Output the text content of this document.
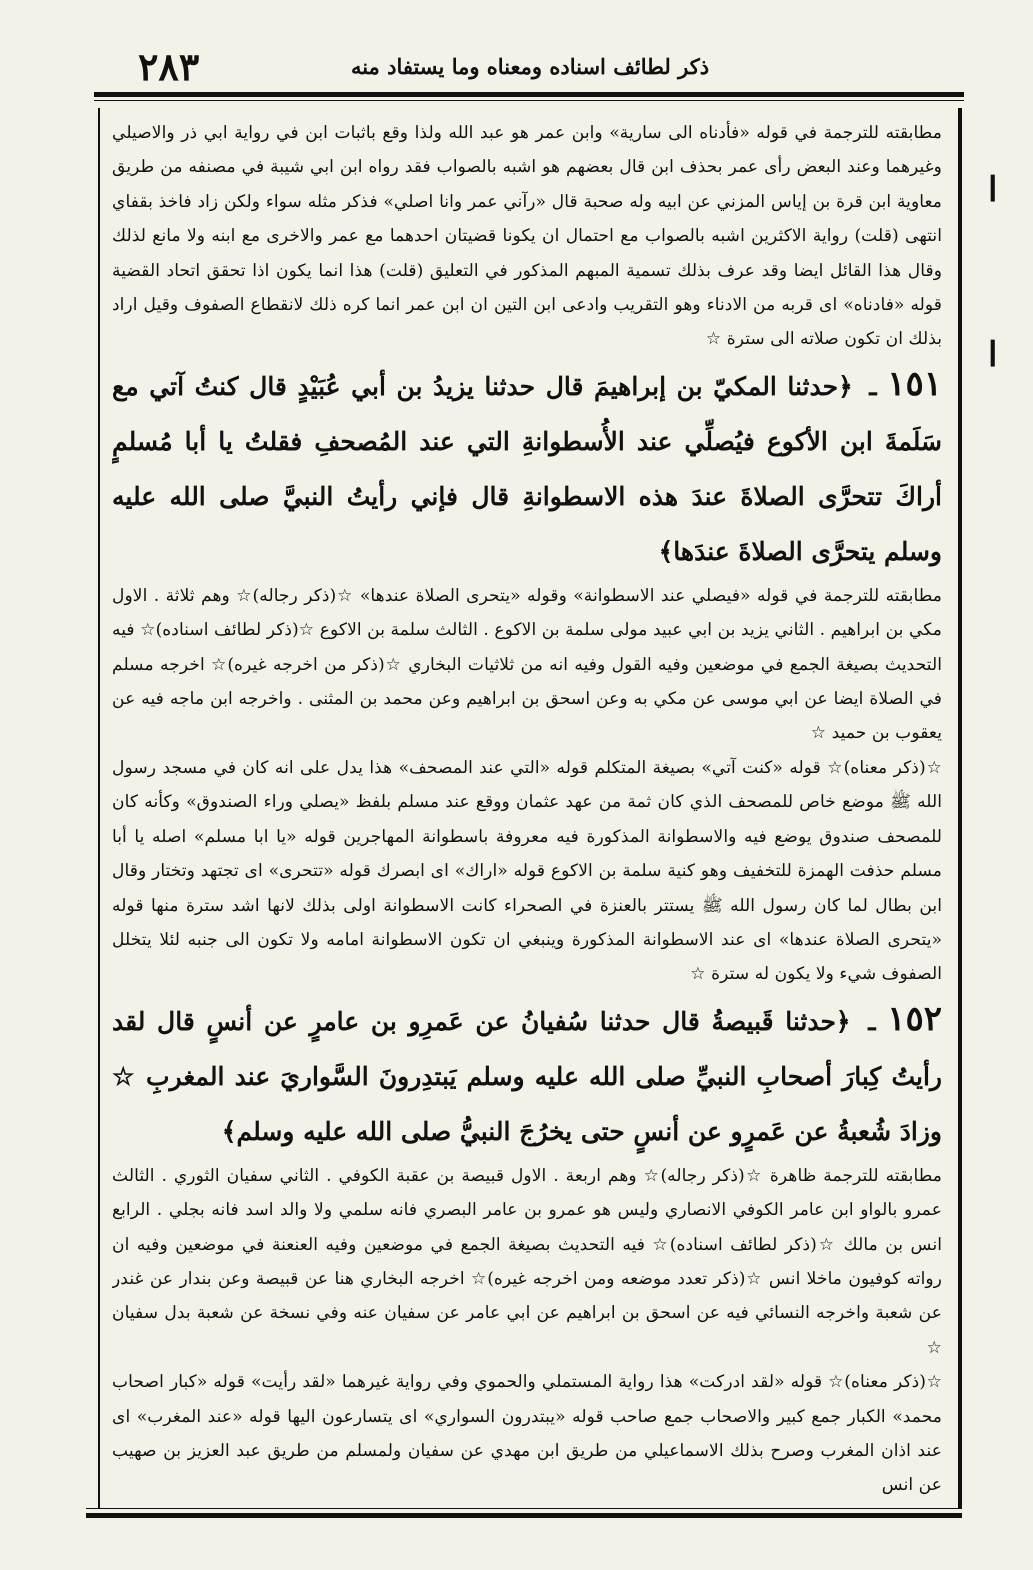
٢٨٣	ذكر لطائف اسناده ومعناه وما يستفاد منه
ا
ا

مطابقته للترجمة في قوله «فأدناه الى سارية» وابن عمر هو عبد الله ولذا وقع باثبات ابن في رواية ابي ذر والاصيلي وغيرهما وعند البعض رأى عمر بحذف ابن قال بعضهم هو اشبه بالصواب فقد رواه ابن ابي شيبة في مصنفه من طريق معاوية ابن قرة بن إياس المزني عن ابيه وله صحبة قال «رآني عمر وانا اصلي» فذكر مثله سواء ولكن زاد فاخذ بقفاي انتهى (قلت) رواية الاكثرين اشبه بالصواب مع احتمال ان يكونا قضيتان احدهما مع عمر والاخرى مع ابنه ولا مانع لذلك وقال هذا القائل ايضا وقد عرف بذلك تسمية المبهم المذكور في التعليق (قلت) هذا انما يكون اذا تحقق اتحاد القضية قوله «فادناه» اى قربه من الادناء وهو التقريب وادعى ابن التين ان ابن عمر انما كره ذلك لانقطاع الصفوف وقيل اراد بذلك ان تكون صلاته الى سترة ☆

١٥١ ـ ﴿حدثنا المكيّ بن إبراهيمَ قال حدثنا يزيدُ بن أبي عُبَيْدٍ قال كنتُ آتي مع سَلَمةَ ابن الأكوع فيُصلِّي عند الأُسطوانةِ التي عند المُصحفِ فقلتُ يا أبا مُسلمٍ أراكَ تتحرَّى الصلاةَ عندَ هذه الاسطوانةِ قال فإني رأيتُ النبيَّ صلى الله عليه وسلم يتحرَّى الصلاةَ عندَها﴾

مطابقته للترجمة في قوله «فيصلي عند الاسطوانة» وقوله «يتحرى الصلاة عندها» ☆(ذكر رجاله)☆ وهم ثلاثة . الاول مكي بن ابراهيم . الثاني يزيد بن ابي عبيد مولى سلمة بن الاكوع . الثالث سلمة بن الاكوع ☆(ذكر لطائف اسناده)☆ فيه التحديث بصيغة الجمع في موضعين وفيه القول وفيه انه من ثلاثيات البخاري ☆(ذكر من اخرجه غيره)☆ اخرجه مسلم في الصلاة ايضا عن ابي موسى عن مكي به وعن اسحق بن ابراهيم وعن محمد بن المثنى . واخرجه ابن ماجه فيه عن يعقوب بن حميد ☆

☆(ذكر معناه)☆ قوله «كنت آتي» بصيغة المتكلم قوله «التي عند المصحف» هذا يدل على انه كان في مسجد رسول الله ﷺ موضع خاص للمصحف الذي كان ثمة من عهد عثمان ووقع عند مسلم بلفظ «يصلي وراء الصندوق» وكأنه كان للمصحف صندوق يوضع فيه والاسطوانة المذكورة فيه معروفة باسطوانة المهاجرين قوله «يا ابا مسلم» اصله يا أبا مسلم حذفت الهمزة للتخفيف وهو كنية سلمة بن الاكوع قوله «اراك» اى ابصرك قوله «تتحرى» اى تجتهد وتختار وقال ابن بطال لما كان رسول الله ﷺ يستتر بالعنزة في الصحراء كانت الاسطوانة اولى بذلك لانها اشد سترة منها قوله «يتحرى الصلاة عندها» اى عند الاسطوانة المذكورة وينبغي ان تكون الاسطوانة امامه ولا تكون الى جنبه لئلا يتخلل الصفوف شيء ولا يكون له سترة ☆

١٥٢ ـ ﴿حدثنا قَبيصةُ قال حدثنا سُفيانُ عن عَمرِو بن عامرٍ عن أنسٍ قال لقد رأيتُ كِبارَ أصحابِ النبيِّ صلى الله عليه وسلم يَبتدِرونَ السَّواريَ عند المغربِ ☆ وزادَ شُعبةُ عن عَمرٍو عن أنسٍ حتى يخرُجَ النبيُّ صلى الله عليه وسلم﴾

مطابقته للترجمة ظاهرة ☆(ذكر رجاله)☆ وهم اربعة . الاول قبيصة بن عقبة الكوفي . الثاني سفيان الثوري . الثالث عمرو بالواو ابن عامر الكوفي الانصاري وليس هو عمرو بن عامر البصري فانه سلمي ولا والد اسد فانه بجلي . الرابع انس بن مالك ☆(ذكر لطائف اسناده)☆ فيه التحديث بصيغة الجمع في موضعين وفيه العنعنة في موضعين وفيه ان رواته كوفيون ماخلا انس ☆(ذكر تعدد موضعه ومن اخرجه غيره)☆ اخرجه البخاري هنا عن قبيصة وعن بندار عن غندر عن شعبة واخرجه النسائي فيه عن اسحق بن ابراهيم عن ابي عامر عن سفيان عنه وفي نسخة عن شعبة بدل سفيان ☆

☆(ذكر معناه)☆ قوله «لقد ادركت» هذا رواية المستملي والحموي وفي رواية غيرهما «لقد رأيت» قوله «كبار اصحاب محمد» الكبار جمع كبير والاصحاب جمع صاحب قوله «يبتدرون السواري» اى يتسارعون اليها قوله «عند المغرب» اى عند اذان المغرب وصرح بذلك الاسماعيلي من طريق ابن مهدي عن سفيان ولمسلم من طريق عبد العزيز بن صهيب عن انس
